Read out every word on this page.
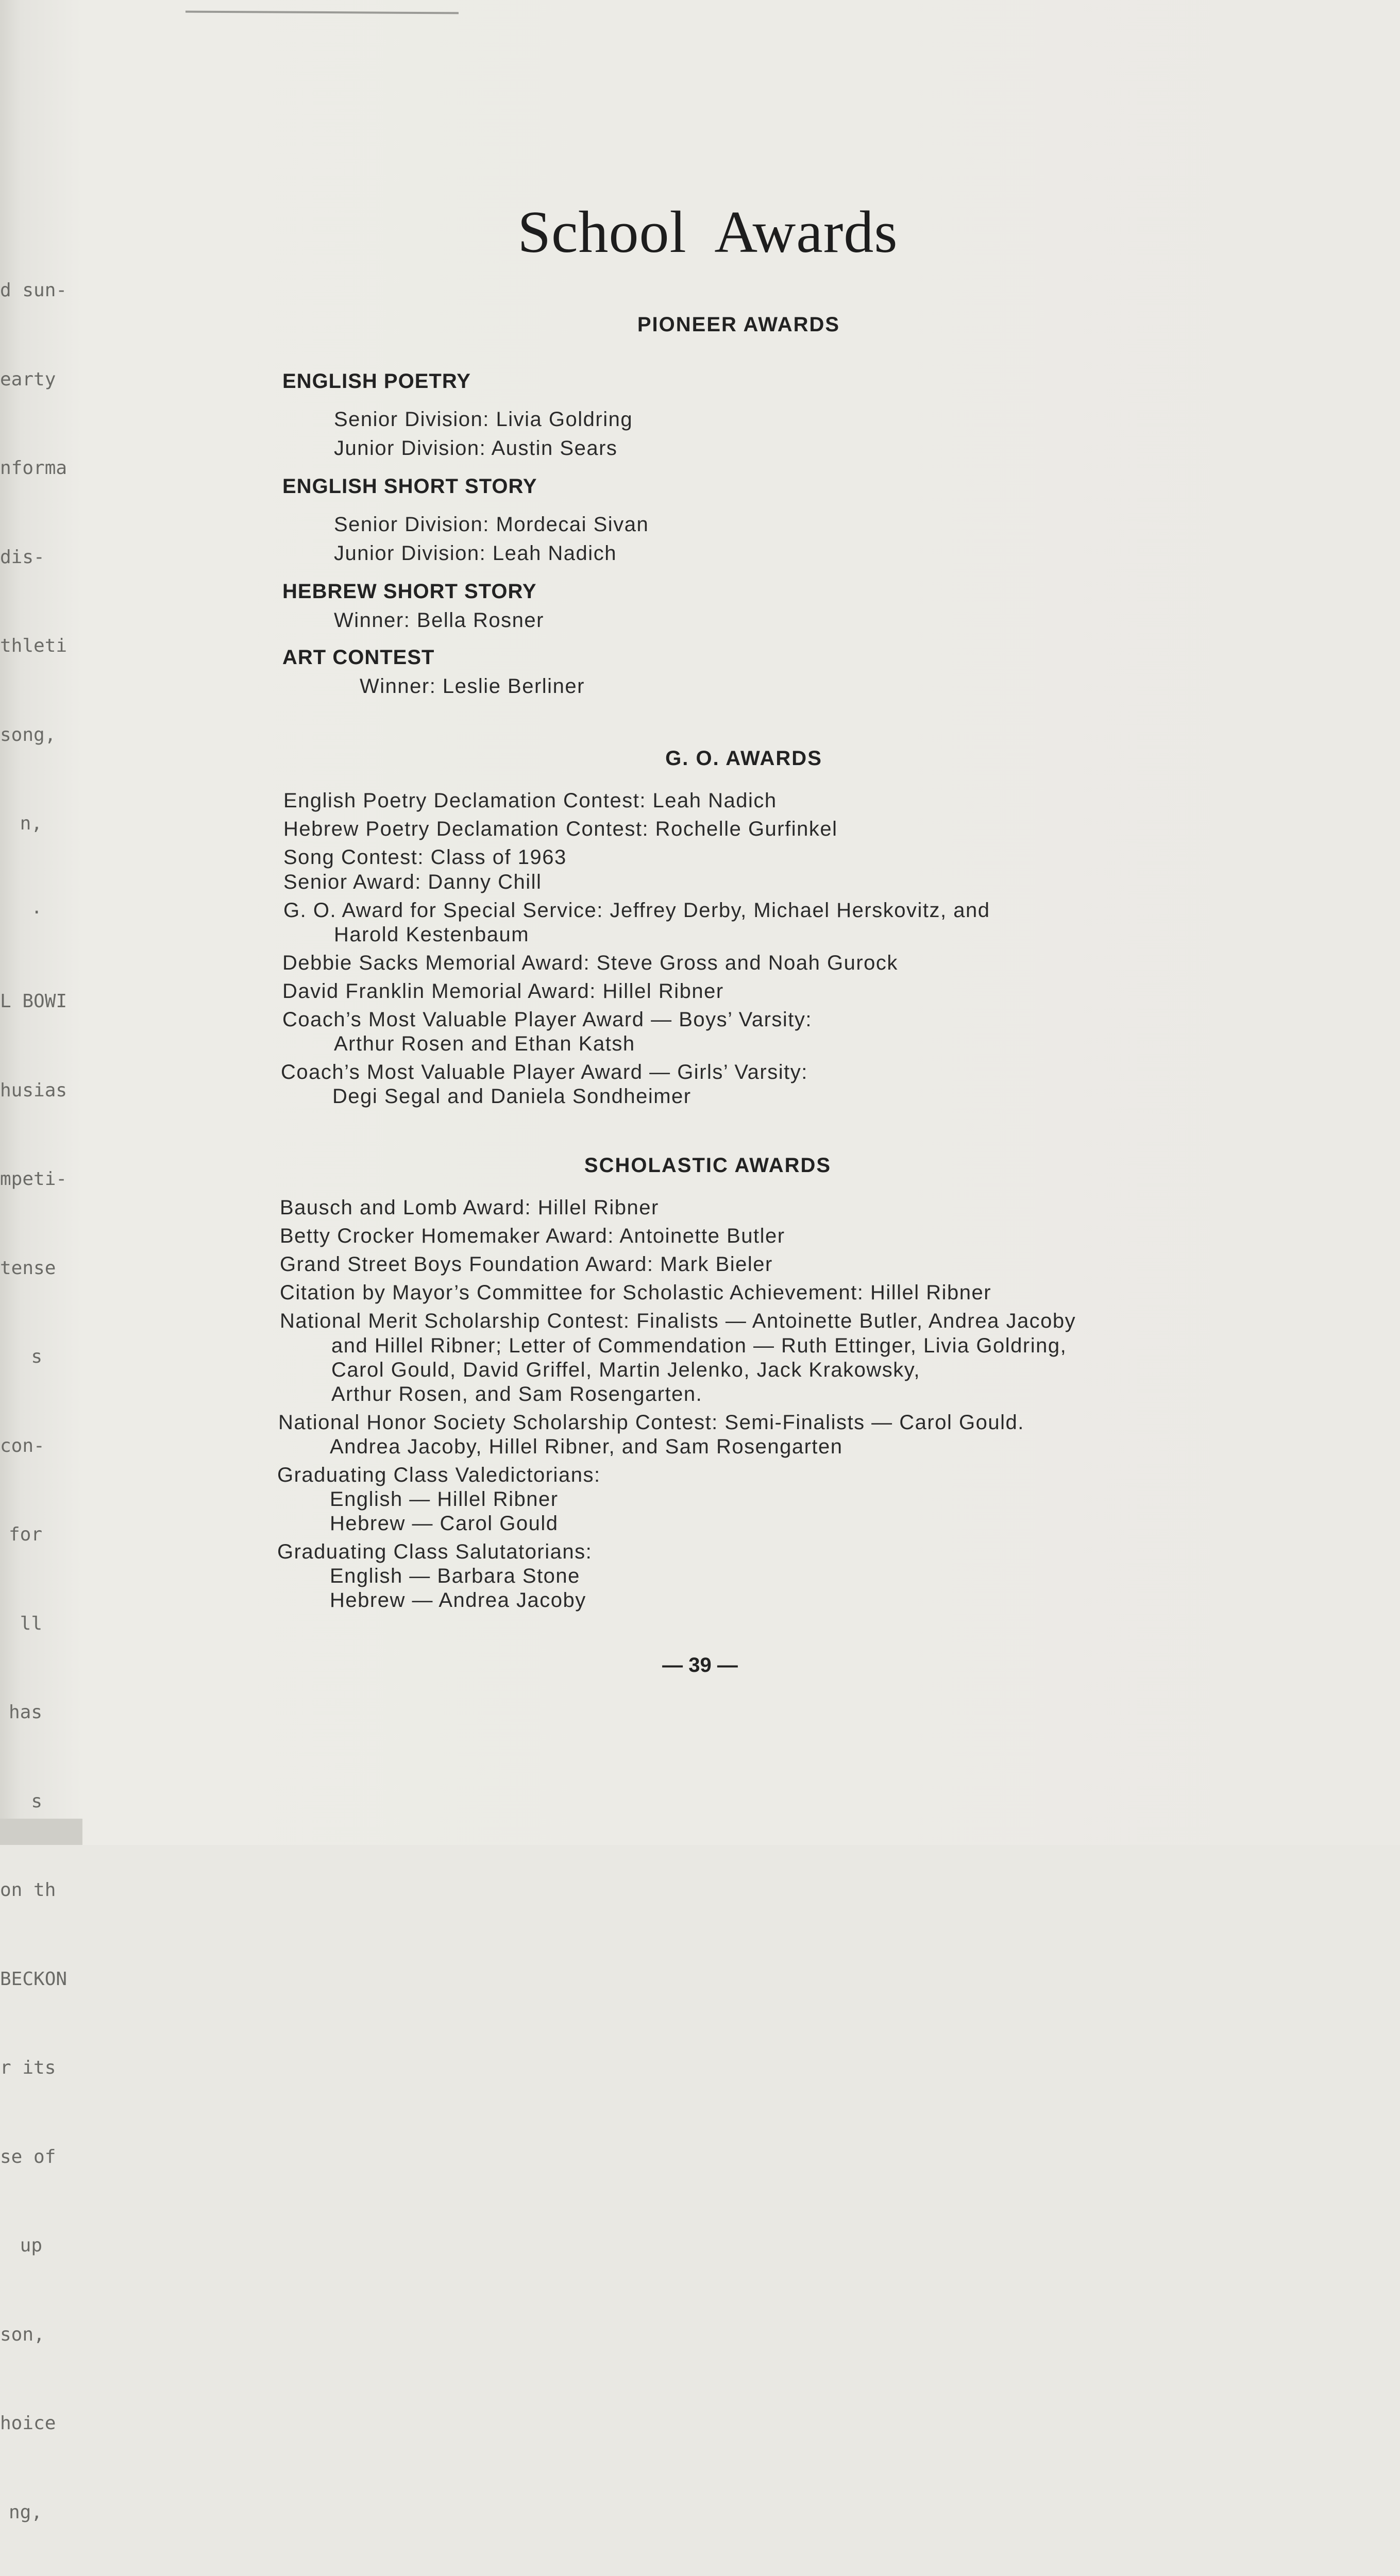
d sun-

earty

nforma

dis-

thleti

song,

n,

·

L BOWI

husias

mpeti-

tense

s

con-

for

ll

has

s

on th

BECKON

r its

se of

up

son,

hoice

ng,

School Awards
PIONEER AWARDS
ENGLISH POETRY
Senior Division: Livia Goldring
Junior Division: Austin Sears
ENGLISH SHORT STORY
Senior Division: Mordecai Sivan
Junior Division: Leah Nadich
HEBREW SHORT STORY
Winner: Bella Rosner
ART CONTEST
Winner: Leslie Berliner
G. O. AWARDS
English Poetry Declamation Contest: Leah Nadich
Hebrew Poetry Declamation Contest: Rochelle Gurfinkel
Song Contest: Class of 1963
Senior Award: Danny Chill
G. O. Award for Special Service: Jeffrey Derby, Michael Herskovitz, and
Harold Kestenbaum
Debbie Sacks Memorial Award: Steve Gross and Noah Gurock
David Franklin Memorial Award: Hillel Ribner
Coach’s Most Valuable Player Award — Boys’ Varsity:
Arthur Rosen and Ethan Katsh
Coach’s Most Valuable Player Award — Girls’ Varsity:
Degi Segal and Daniela Sondheimer
SCHOLASTIC AWARDS
Bausch and Lomb Award: Hillel Ribner
Betty Crocker Homemaker Award: Antoinette Butler
Grand Street Boys Foundation Award: Mark Bieler
Citation by Mayor’s Committee for Scholastic Achievement: Hillel Ribner
National Merit Scholarship Contest: Finalists — Antoinette Butler, Andrea Jacoby
and Hillel Ribner; Letter of Commendation — Ruth Ettinger, Livia Goldring,
Carol Gould, David Griffel, Martin Jelenko, Jack Krakowsky,
Arthur Rosen, and Sam Rosengarten.
National Honor Society Scholarship Contest: Semi-Finalists — Carol Gould.
Andrea Jacoby, Hillel Ribner, and Sam Rosengarten
Graduating Class Valedictorians:
English — Hillel Ribner
Hebrew — Carol Gould
Graduating Class Salutatorians:
English — Barbara Stone
Hebrew — Andrea Jacoby
— 39 —
